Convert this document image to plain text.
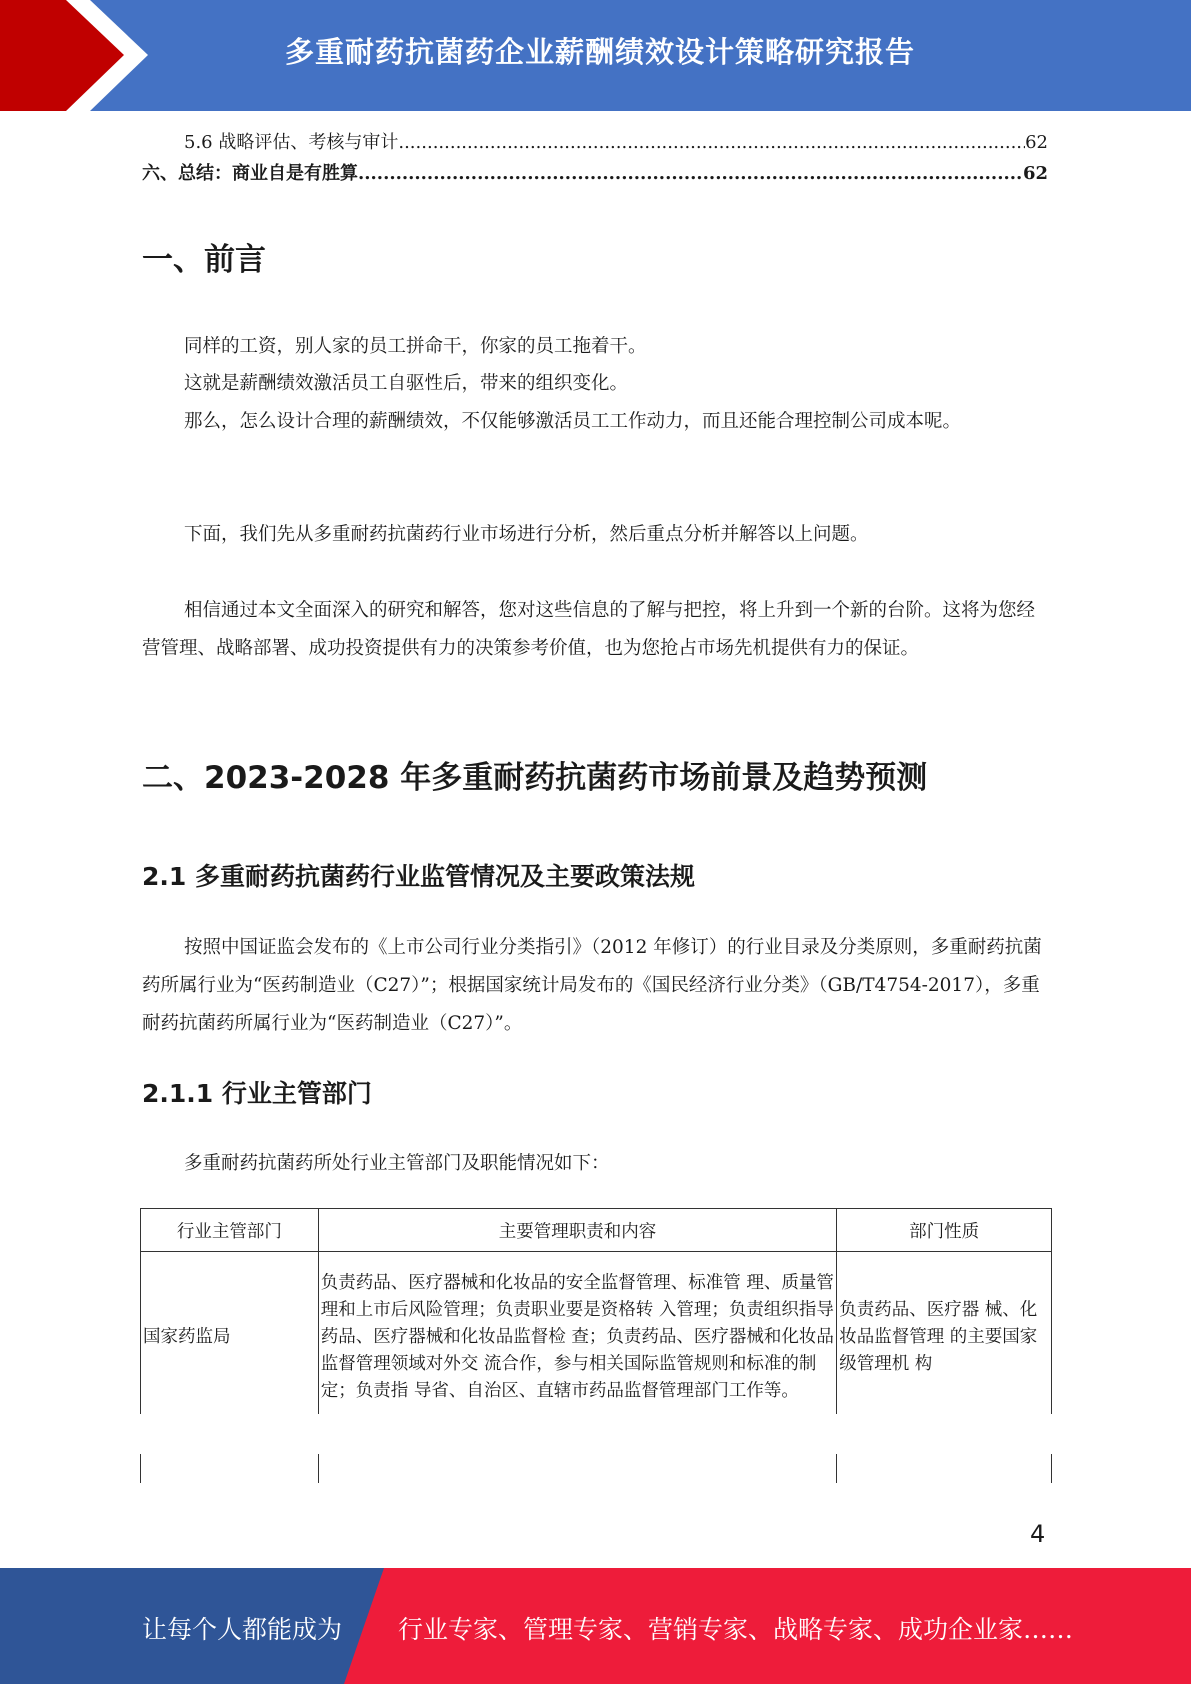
多重耐药抗菌药企业薪酬绩效设计策略研究报告
5.6 战略评估、考核与审计 .....	62
六、总结：商业自是有胜算 .....	62
一、前言
同样的工资，别人家的员工拼命干，你家的员工拖着干。
这就是薪酬绩效激活员工自驱性后，带来的组织变化。
那么，怎么设计合理的薪酬绩效，不仅能够激活员工工作动力，而且还能合理控制公司成本呢。
下面，我们先从多重耐药抗菌药行业市场进行分析，然后重点分析并解答以上问题。
相信通过本文全面深入的研究和解答，您对这些信息的了解与把控，将上升到一个新的台阶。这将为您经营管理、战略部署、成功投资提供有力的决策参考价值，也为您抢占市场先机提供有力的保证。
二、2023-2028 年多重耐药抗菌药市场前景及趋势预测
2.1 多重耐药抗菌药行业监管情况及主要政策法规
按照中国证监会发布的《上市公司行业分类指引》（2012 年修订）的行业目录及分类原则，多重耐药抗菌药所属行业为“医药制造业（C27）”；根据国家统计局发布的《国民经济行业分类》（GB/T4754-2017），多重耐药抗菌药所属行业为“医药制造业（C27）”。
2.1.1 行业主管部门
多重耐药抗菌药所处行业主管部门及职能情况如下：
行业主管部门	主要管理职责和内容	部门性质
国家药监局	负责药品、医疗器械和化妆品的安全监督管理、标准管 理、质量管理和上市后风险管理；负责职业要是资格转 入管理；负责组织指导药品、医疗器械和化妆品监督检 查；负责药品、医疗器械和化妆品监督管理领域对外交 流合作，参与相关国际监管规则和标准的制定；负责指 导省、自治区、直辖市药品监督管理部门工作等。	负责药品、医疗器 械、化妆品监督管理 的主要国家级管理机 构

4
让每个人都能成为 行业专家、管理专家、营销专家、战略专家、成功企业家……
